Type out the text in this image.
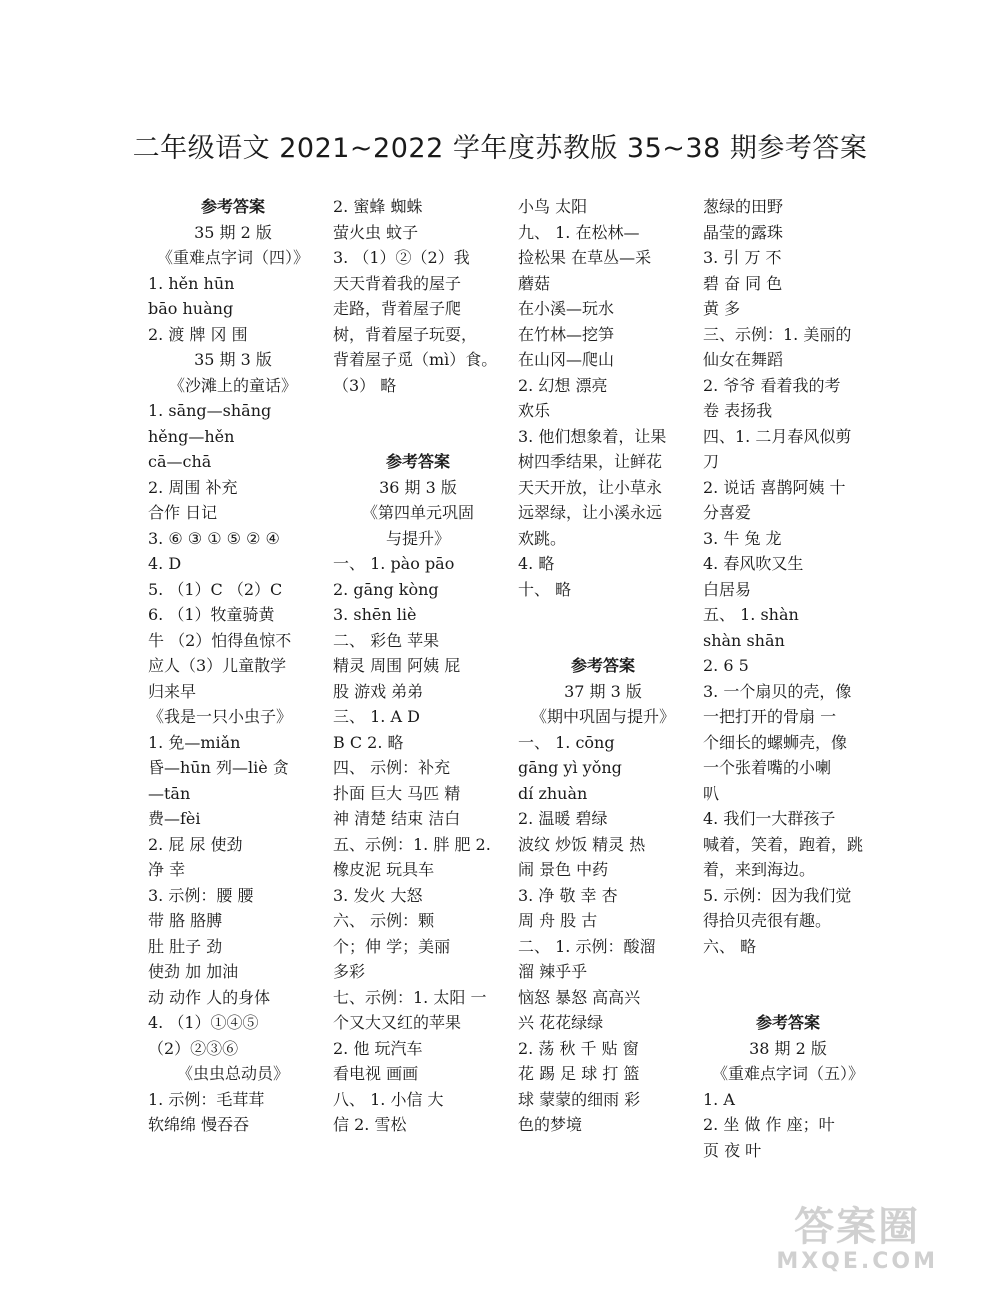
二年级语文 2021~2022 学年度苏教版 35~38 期参考答案
参考答案
35 期 2 版
《重难点字词（四）》
1. hěn hūn
bāo huàng
2. 渡 牌 冈 围
35 期 3 版
《沙滩上的童话》
1. sāng—shāng
hěng—hěn
cā—chā
2. 周围 补充
合作 日记
3. ⑥ ③ ① ⑤ ② ④
4. D
5. （1）C （2）C
6. （1）牧童骑黄
牛 （2）怕得鱼惊不
应人（3）儿童散学
归来早
《我是一只小虫子》
1. 免—miǎn
昏—hūn 列—liè 贪
—tān
费—fèi
2. 屁 尿 使劲
净 幸
3. 示例：腰 腰
带 胳 胳膊
肚 肚子 劲
使劲 加 加油
动 动作 人的身体
4. （1）①④⑤
（2）②③⑥
《虫虫总动员》
1. 示例：毛茸茸
软绵绵 慢吞吞
2. 蜜蜂 蜘蛛
萤火虫 蚊子
3. （1）②（2）我
天天背着我的屋子
走路，背着屋子爬
树，背着屋子玩耍，
背着屋子觅（mì）食。
（3） 略
参考答案
36 期 3 版
《第四单元巩固
与提升》
一、 1. pào pāo
2. gāng kòng
3. shēn liè
二、 彩色 苹果
精灵 周围 阿姨 屁
股 游戏 弟弟
三、 1. A D
B C 2. 略
四、 示例：补充
扑面 巨大 马匹 精
神 清楚 结束 洁白
五、示例：1. 胖 肥 2.
橡皮泥 玩具车
3. 发火 大怒
六、 示例：颗
个；伸 学；美丽
多彩
七、示例：1. 太阳 一
个又大又红的苹果
2. 他 玩汽车
看电视 画画
八、 1. 小信 大
信 2. 雪松
小鸟 太阳
九、 1. 在松林—
捡松果 在草丛—采
蘑菇
在小溪—玩水
在竹林—挖笋
在山冈—爬山
2. 幻想 漂亮
欢乐
3. 他们想象着，让果
树四季结果，让鲜花
天天开放，让小草永
远翠绿，让小溪永远
欢跳。
4. 略
十、 略
参考答案
37 期 3 版
《期中巩固与提升》
一、 1. cōng
gāng yì yǒng
dí zhuàn
2. 温暖 碧绿
波纹 炒饭 精灵 热
闹 景色 中药
3. 净 敬 幸 杏
周 舟 股 古
二、 1. 示例：酸溜
溜 辣乎乎
恼怒 暴怒 高高兴
兴 花花绿绿
2. 荡 秋 千 贴 窗
花 踢 足 球 打 篮
球 蒙蒙的细雨 彩
色的梦境
葱绿的田野
晶莹的露珠
3. 引 万 不
碧 奋 同 色
黄 多
三、示例：1. 美丽的
仙女在舞蹈
2. 爷爷 看着我的考
卷 表扬我
四、1. 二月春风似剪
刀
2. 说话 喜鹊阿姨 十
分喜爱
3. 牛 兔 龙
4. 春风吹又生
白居易
五、 1. shàn
shàn shān
2. 6 5
3. 一个扇贝的壳，像
一把打开的骨扇 一
个细长的螺蛳壳，像
一个张着嘴的小喇
叭
4. 我们一大群孩子
喊着，笑着，跑着，跳
着，来到海边。
5. 示例：因为我们觉
得拾贝壳很有趣。
六、 略
参考答案
38 期 2 版
《重难点字词（五）》
1. A
2. 坐 做 作 座；叶
页 夜 叶
答案圈
MXQE.COM
